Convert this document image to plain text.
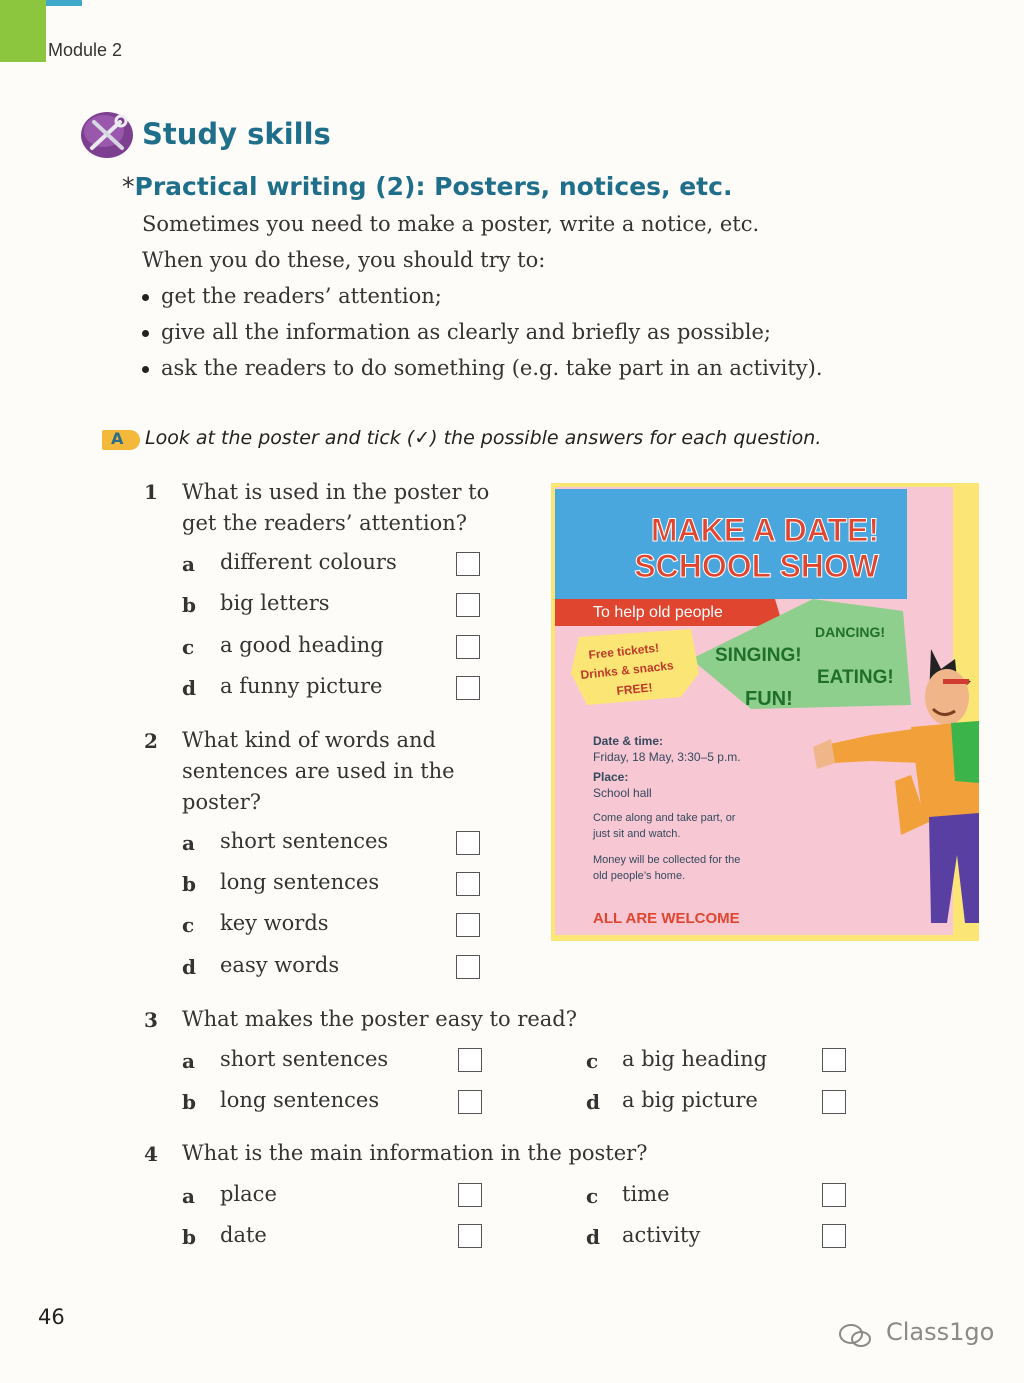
Module 2
Study skills
*Practical writing (2): Posters, notices, etc.
Sometimes you need to make a poster, write a notice, etc.
When you do these, you should try to:
get the readers’ attention;
give all the information as clearly and briefly as possible;
ask the readers to do something (e.g. take part in an activity).
A Look at the poster and tick (✓) the possible answers for each question.
1 What is used in the poster to
get the readers’ attention?
a different colours
b big letters
c a good heading
d a funny picture
2 What kind of words and
sentences are used in the
poster?
a short sentences
b long sentences
c key words
d easy words
3 What makes the poster easy to read?
a short sentences
b long sentences
c a big heading
d a big picture
4 What is the main information in the poster?
a place
b date
c time
d activity
MAKE A DATE!
SCHOOL SHOW
To help old people
Free tickets!
Drinks & snacks
FREE!
SINGING!
DANCING!
EATING!
FUN!
Date & time:
Friday, 18 May, 3:30–5 p.m.
Place:
School hall
Come along and take part, or
just sit and watch.
Money will be collected for the
old people’s home.
ALL ARE WELCOME
46
Class1go
